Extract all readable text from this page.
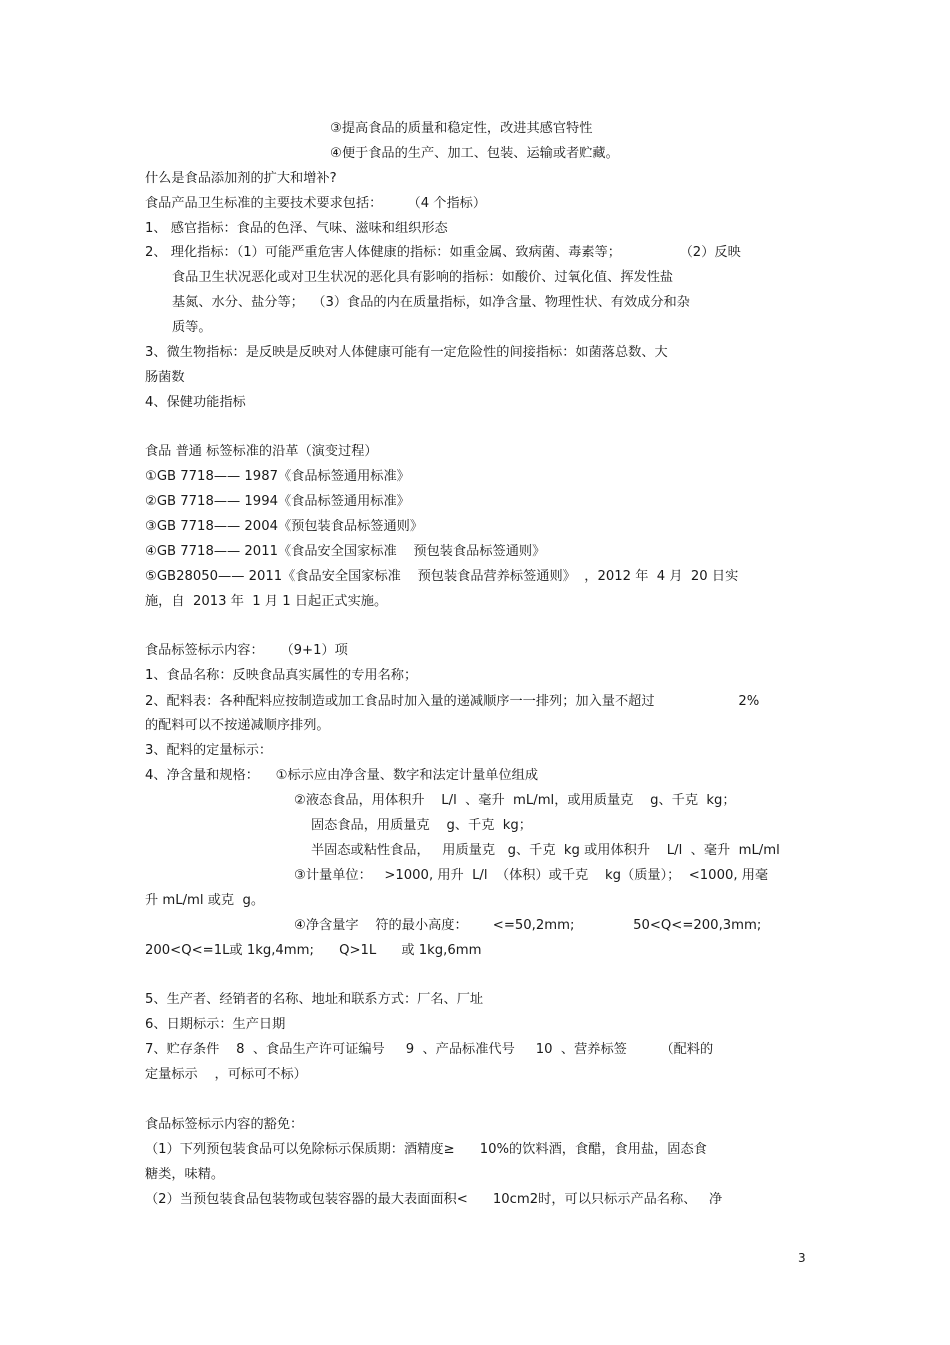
③提高食品的质量和稳定性，改进其感官特性
④便于食品的生产、加工、包装、运输或者贮藏。
什么是食品添加剂的扩大和增补?
食品产品卫生标准的主要技术要求包括：      （4 个指标）
1、 感官指标：食品的色泽、气味、滋味和组织形态
2、 理化指标：（1）可能严重危害人体健康的指标：如重金属、致病菌、毒素等；              （2）反映
食品卫生状况恶化或对卫生状况的恶化具有影响的指标：如酸价、过氧化值、挥发性盐
基氮、水分、盐分等；  （3）食品的内在质量指标，如净含量、物理性状、有效成分和杂
质等。
3、微生物指标：是反映是反映对人体健康可能有一定危险性的间接指标：如菌落总数、大
肠菌数
4、保健功能指标
食品 普通 标签标准的沿革（演变过程）
①GB 7718—— 1987《食品标签通用标准》
②GB 7718—— 1994《食品标签通用标准》
③GB 7718—— 2004《预包装食品标签通则》
④GB 7718—— 2011《食品安全国家标准    预包装食品标签通则》
⑤GB28050—— 2011《食品安全国家标准    预包装食品营养标签通则》  ，2012 年  4 月  20 日实
施，自  2013 年  1 月 1 日起正式实施。
食品标签标示内容：    （9+1）项
1、食品名称：反映食品真实属性的专用名称；
2、配料表：各种配料应按制造或加工食品时加入量的递减顺序一一排列；加入量不超过                    2%
的配料可以不按递减顺序排列。
3、配料的定量标示：
4、净含量和规格：    ①标示应由净含量、数字和法定计量单位组成
②液态食品，用体积升    L/l  、毫升  mL/ml，或用质量克    g、千克  kg；
固态食品，用质量克    g、千克  kg；
半固态或粘性食品，   用质量克   g、千克  kg 或用体积升    L/l  、毫升  mL/ml
③计量单位：   >1000, 用升  L/l  （体积）或千克    kg（质量）；  <1000, 用毫
升 mL/ml 或克  g。
④净含量字    符的最小高度：      <=50,2mm;              50<Q<=200,3mm;
200<Q<=1L或 1kg,4mm;      Q>1L      或 1kg,6mm
5、生产者、经销者的名称、地址和联系方式：厂名、厂址
6、日期标示：生产日期
7、贮存条件    8  、食品生产许可证编号     9  、产品标准代号     10  、营养标签        （配料的
定量标示    ，可标可不标）
食品标签标示内容的豁免：
（1）下列预包装食品可以免除标示保质期：酒精度≥      10%的饮料酒，食醋，食用盐，固态食
糖类，味精。
（2）当预包装食品包装物或包装容器的最大表面面积<      10cm2时，可以只标示产品名称、   净
3
